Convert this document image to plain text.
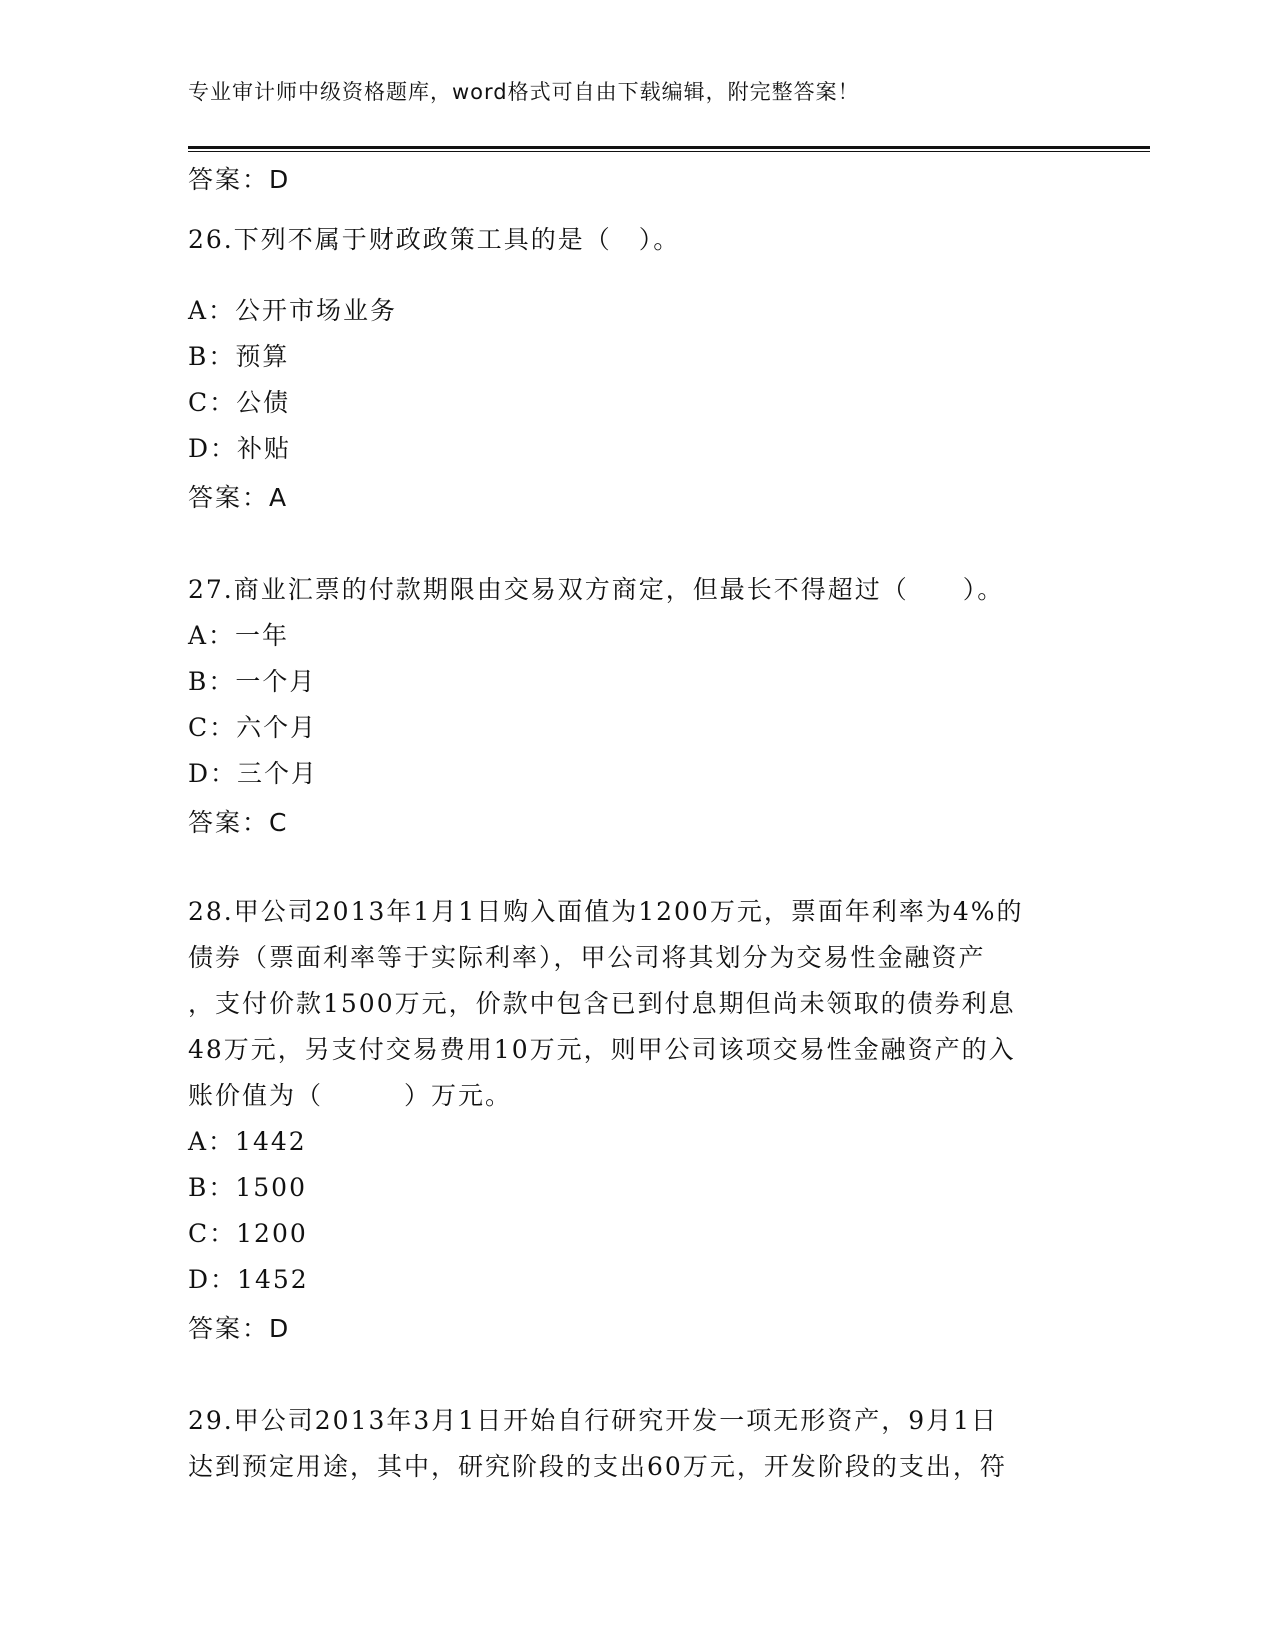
专业审计师中级资格题库，word格式可自由下载编辑，附完整答案！
答案：D
26.下列不属于财政政策工具的是（　）。
A：公开市场业务
B：预算
C：公债
D：补贴
答案：A
27.商业汇票的付款期限由交易双方商定，但最长不得超过（　　）。
A：一年
B：一个月
C：六个月
D：三个月
答案：C
28.甲公司2013年1月1日购入面值为1200万元，票面年利率为4%的
债券（票面利率等于实际利率），甲公司将其划分为交易性金融资产
，支付价款1500万元，价款中包含已到付息期但尚未领取的债券利息
48万元，另支付交易费用10万元，则甲公司该项交易性金融资产的入
账价值为（　　　）万元。
A：1442
B：1500
C：1200
D：1452
答案：D
29.甲公司2013年3月1日开始自行研究开发一项无形资产，9月1日
达到预定用途，其中，研究阶段的支出60万元，开发阶段的支出，符
